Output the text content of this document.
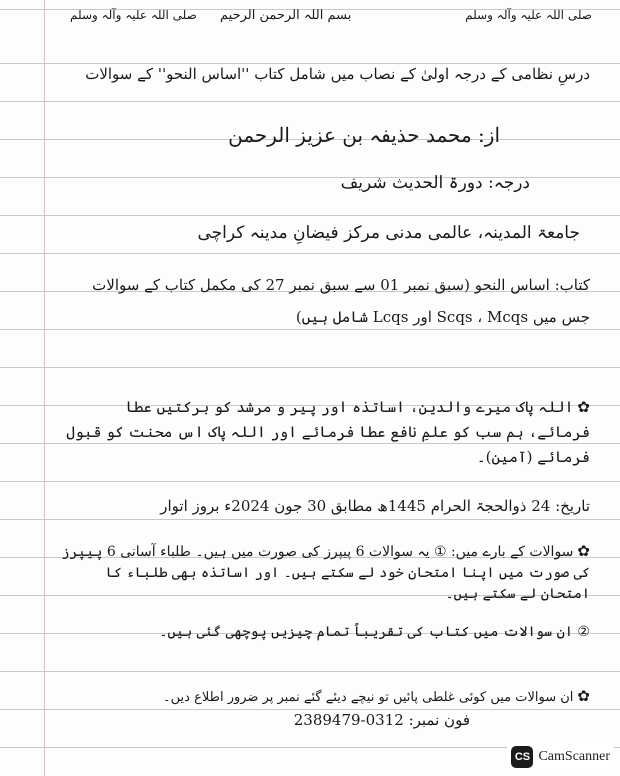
صلی اللہ علیہ وآلہ وسلم
بسم اللہ الرحمن الرحیم
صلی اللہ علیہ وآلہ وسلم
درسِ نظامی کے درجہ اولیٰ کے نصاب میں شامل کتاب ''اساس النحو'' کے سوالات
از: محمد حذیفہ بن عزیز الرحمن
درجہ: دورۃ الحدیث شریف
جامعۃ المدینہ، عالمی مدنی مرکز فیضانِ مدینہ کراچی
کتاب: اساس النحو (سبق نمبر 01 سے سبق نمبر 27 کی مکمل کتاب کے سوالات جس میں Scqs ، Mcqs اور Lcqs شامل ہیں)
✿اللہ پاک میرے والدین، اساتذہ اور پیر و مرشد کو برکتیں عطا فرمائے، ہم سب کو علمِ نافع عطا فرمائے اور اللہ پاک اس محنت کو قبول فرمائے (آمین)۔
تاریخ: 24 ذوالحجۃ الحرام 1445ھ مطابق 30 جون 2024ء بروز اتوار
✿سوالات کے بارے میں: ① یہ سوالات 6 پیپرز کی صورت میں ہیں۔ طلباء آسانی 6 پیپرز کی صورت میں اپنا امتحان خود لے سکتے ہیں۔ اور اساتذہ بھی طلباء کا امتحان لے سکتے ہیں۔
② ان سوالات میں کتاب کی تقریباً تمام چیزیں پوچھی گئی ہیں۔
✿ان سوالات میں کوئی غلطی پائیں تو نیچے دیئے گئے نمبر پر ضرور اطلاع دیں۔
فون نمبر: 0312-2389479
CS CamScanner
